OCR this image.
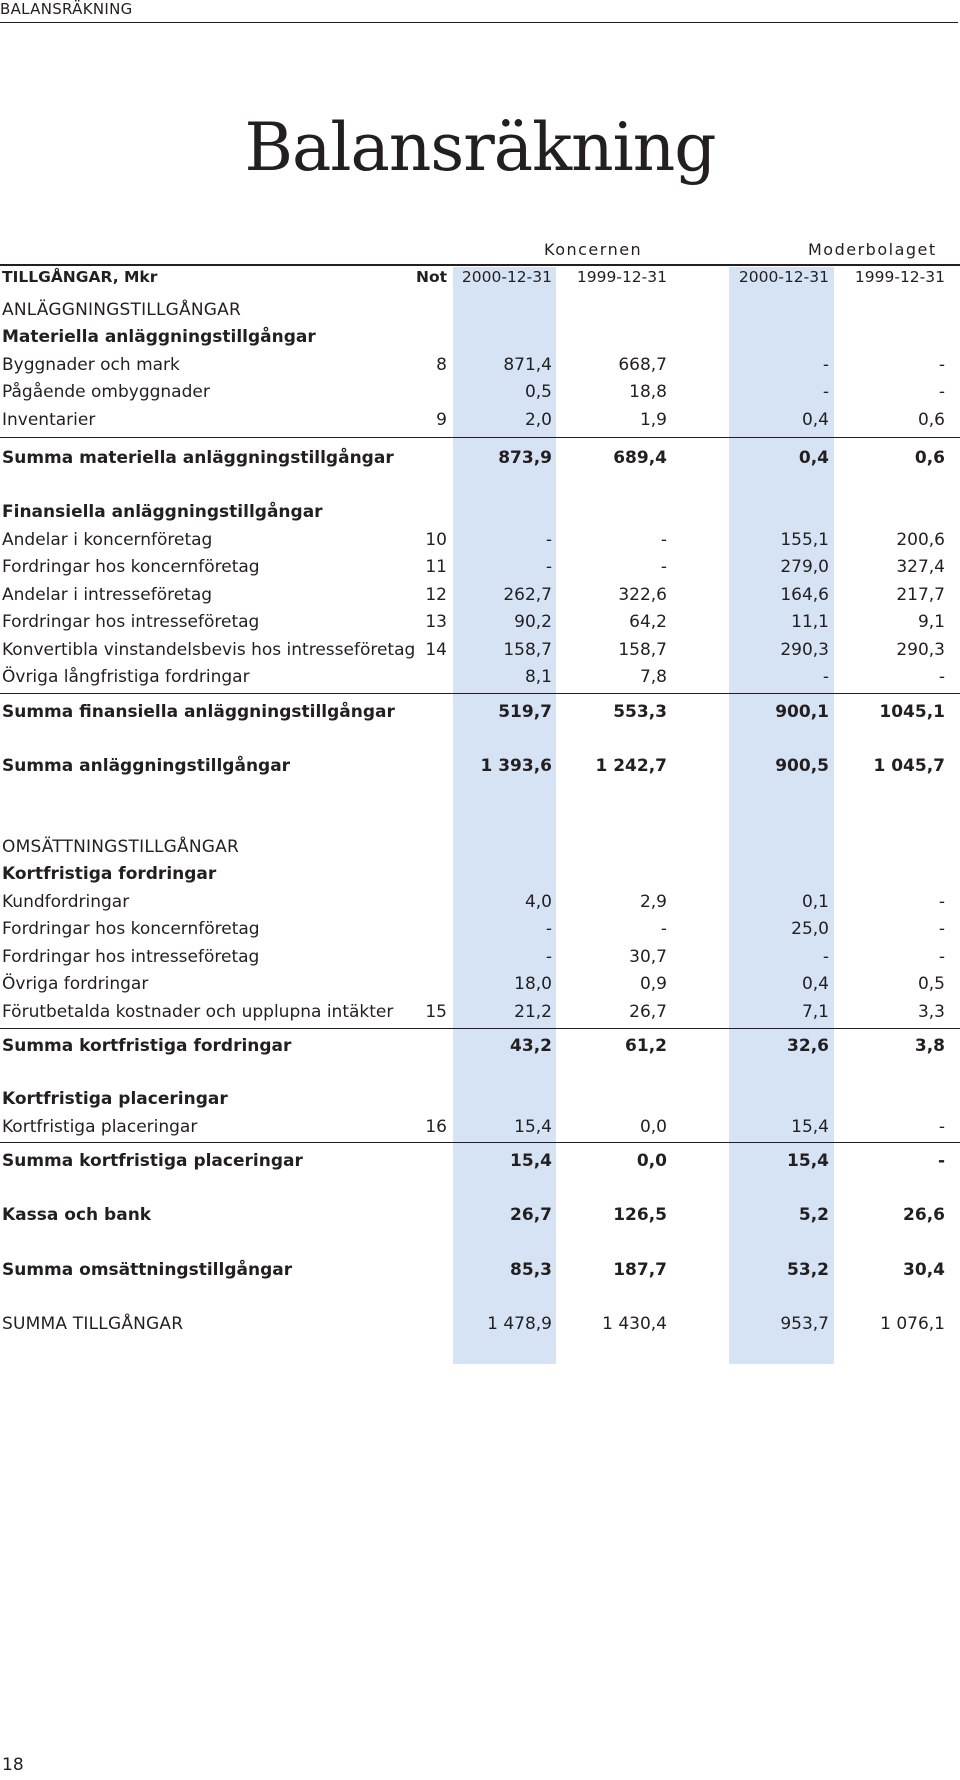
BALANSRÄKNING
Balansräkning
Koncernen	Moderbolaget
TILLGÅNGAR, Mkr	Not 2000-12-31 1999-12-31	2000-12-31 1999-12-31
ANLÄGGNINGSTILLGÅNGAR
Materiella anläggningstillgångar
Byggnader och mark	8	871,4	668,7	-	-
Pågående ombyggnader	0,5	18,8	-	-
Inventarier	9	2,0	1,9	0,4	0,6
Summa materiella anläggningstillgångar	873,9	689,4	0,4	0,6
Finansiella anläggningstillgångar
Andelar i koncernföretag	10	-	-	155,1	200,6
Fordringar hos koncernföretag	11	-	-	279,0	327,4
Andelar i intresseföretag	12	262,7	322,6	164,6	217,7
Fordringar hos intresseföretag	13	90,2	64,2	11,1	9,1
Konvertibla vinstandelsbevis hos intresseföretag 14	158,7	158,7	290,3	290,3
Övriga långfristiga fordringar	8,1	7,8	-	-
Summa finansiella anläggningstillgångar	519,7	553,3	900,1	1045,1
Summa anläggningstillgångar	1 393,6	1 242,7	900,5	1 045,7
OMSÄTTNINGSTILLGÅNGAR
Kortfristiga fordringar
Kundfordringar	4,0	2,9	0,1	-
Fordringar hos koncernföretag	-	-	25,0	-
Fordringar hos intresseföretag	-	30,7	-	-
Övriga fordringar	18,0	0,9	0,4	0,5
Förutbetalda kostnader och upplupna intäkter 15	21,2	26,7	7,1	3,3
Summa kortfristiga fordringar	43,2	61,2	32,6	3,8
Kortfristiga placeringar
Kortfristiga placeringar	16	15,4	0,0	15,4	-
Summa kortfristiga placeringar	15,4	0,0	15,4	-
Kassa och bank	26,7	126,5	5,2	26,6
Summa omsättningstillgångar	85,3	187,7	53,2	30,4
SUMMA TILLGÅNGAR	1 478,9	1 430,4	953,7	1 076,1
18
